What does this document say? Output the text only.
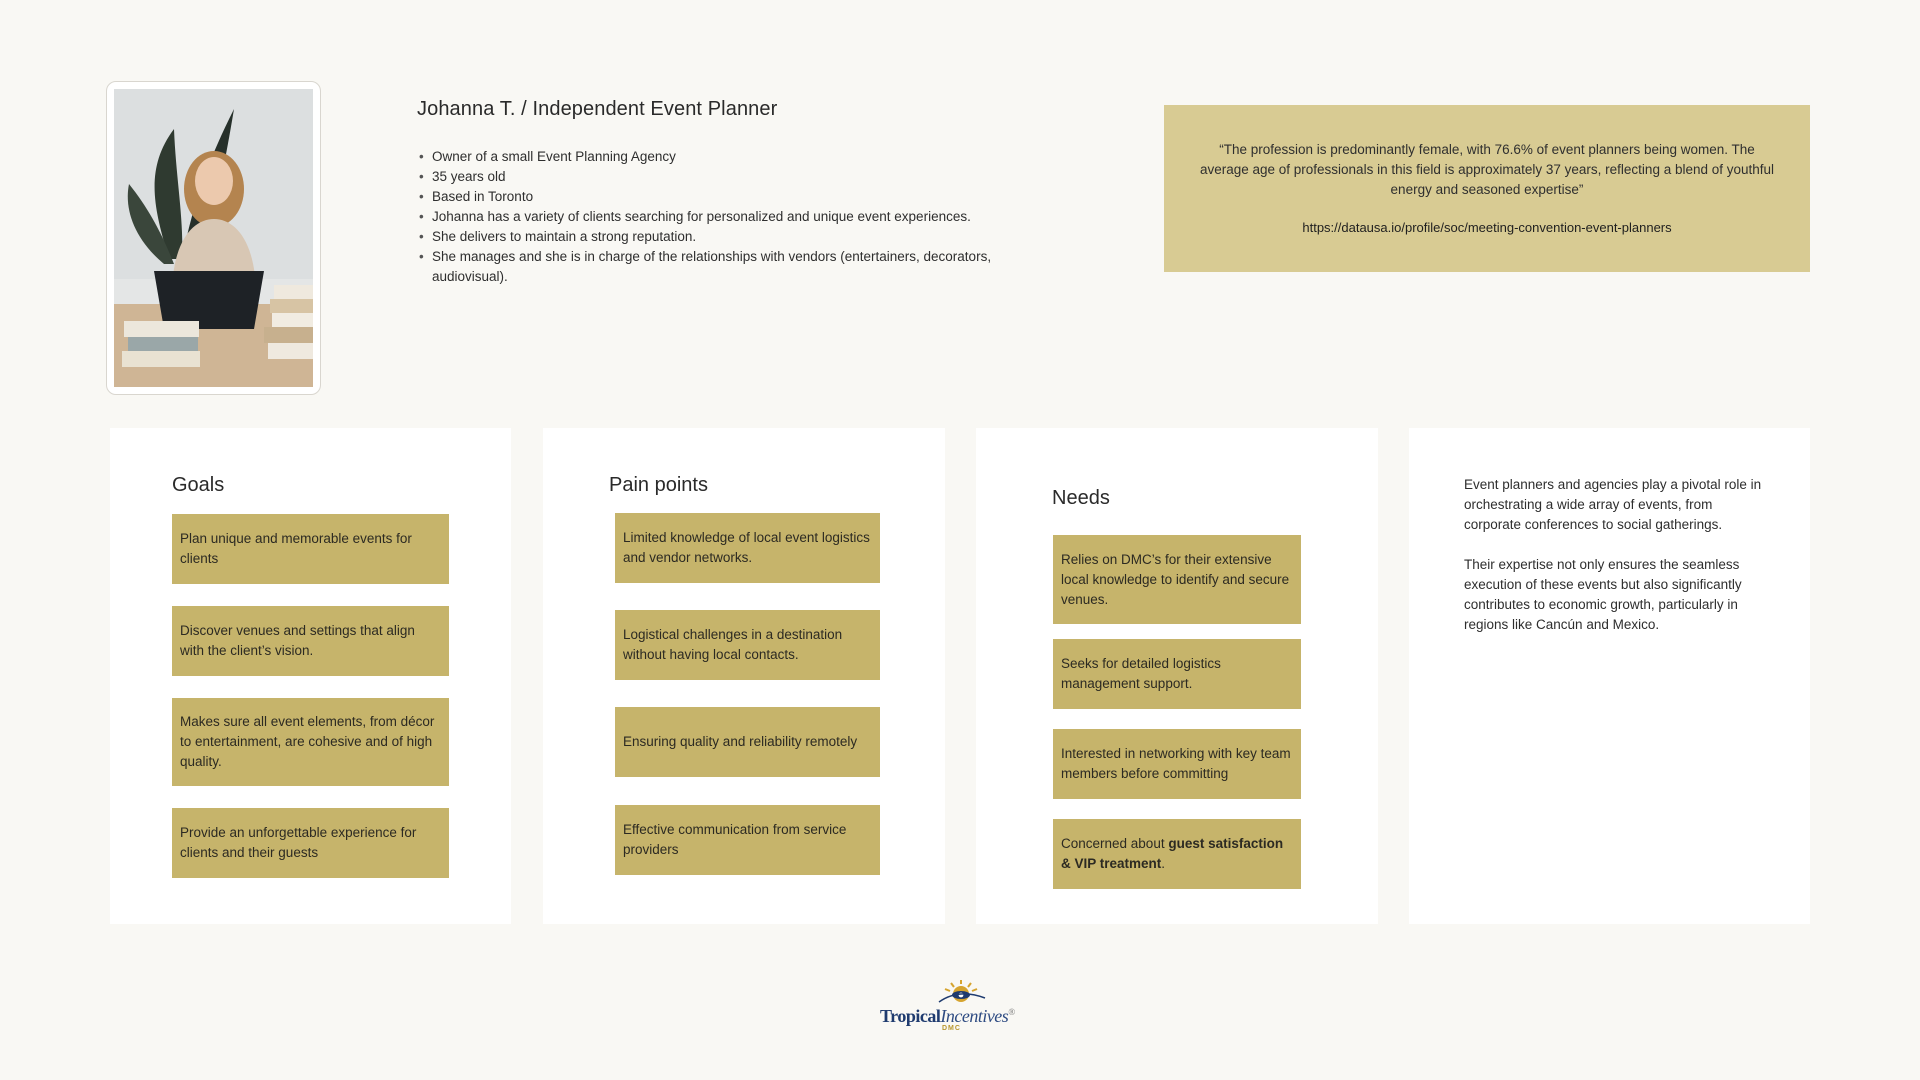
Johanna T. / Independent Event Planner
• Owner of a small Event Planning Agency
• 35 years old
• Based in Toronto
• Johanna has a variety of clients searching for personalized and unique event experiences.
• She delivers to maintain a strong reputation.
• She manages and she is in charge of the relationships with vendors (entertainers, decorators, audiovisual).

“The profession is predominantly female, with 76.6% of event planners being women. The average age of professionals in this field is approximately 37 years, reflecting a blend of youthful energy and seasoned expertise”

https://datausa.io/profile/soc/meeting-convention-event-planners

Goals
Plan unique and memorable events for clients
Discover venues and settings that align with the client’s vision.
Makes sure all event elements, from décor to entertainment, are cohesive and of high quality.
Provide an unforgettable experience for clients and their guests
Pain points
Limited knowledge of local event logistics and vendor networks.
Logistical challenges in a destination without having local contacts.
Ensuring quality and reliability remotely
Effective communication from service providers
Needs
Relies on DMC’s for their extensive local knowledge to identify and secure venues.
Seeks for detailed logistics management support.
Interested in networking with key team members before committing
Concerned about guest satisfaction & VIP treatment.

Event planners and agencies play a pivotal role in orchestrating a wide array of events, from corporate conferences to social gatherings.

Their expertise not only ensures the seamless execution of these events but also significantly contributes to economic growth, particularly in regions like Cancún and Mexico.

TropicalIncentives®
DMC
